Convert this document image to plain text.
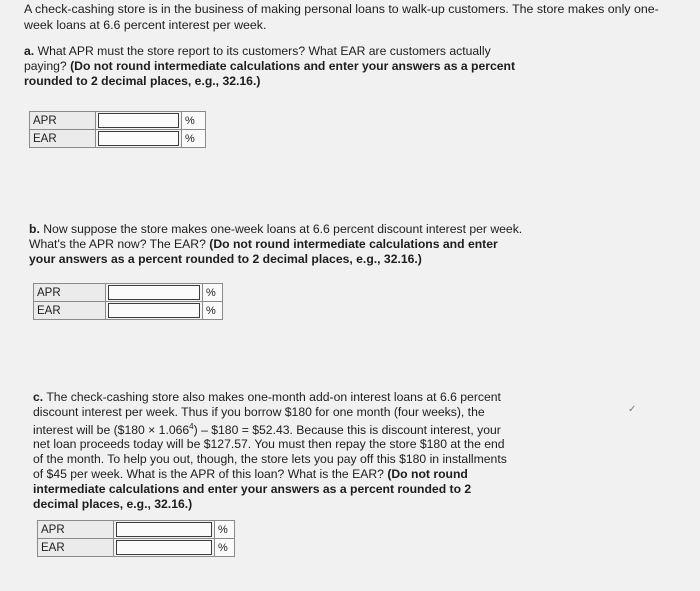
A check-cashing store is in the business of making personal loans to walk-up customers. The store makes only one-week loans at 6.6 percent interest per week.
a. What APR must the store report to its customers? What EAR are customers actually paying? (Do not round intermediate calculations and enter your answers as a percent rounded to 2 decimal places, e.g., 32.16.)
APR		%
EAR		%
b. Now suppose the store makes one-week loans at 6.6 percent discount interest per week. What's the APR now? The EAR? (Do not round intermediate calculations and enter your answers as a percent rounded to 2 decimal places, e.g., 32.16.)
APR		%
EAR		%
c. The check-cashing store also makes one-month add-on interest loans at 6.6 percent discount interest per week. Thus if you borrow $180 for one month (four weeks), the interest will be ($180 × $1.066^4$) – $180 = $52.43. Because this is discount interest, your net loan proceeds today will be $127.57. You must then repay the store $180 at the end of the month. To help you out, though, the store lets you pay off this $180 in installments of $45 per week. What is the APR of this loan? What is the EAR? (Do not round intermediate calculations and enter your answers as a percent rounded to 2 decimal places, e.g., 32.16.)
APR		%
EAR		%
✓
